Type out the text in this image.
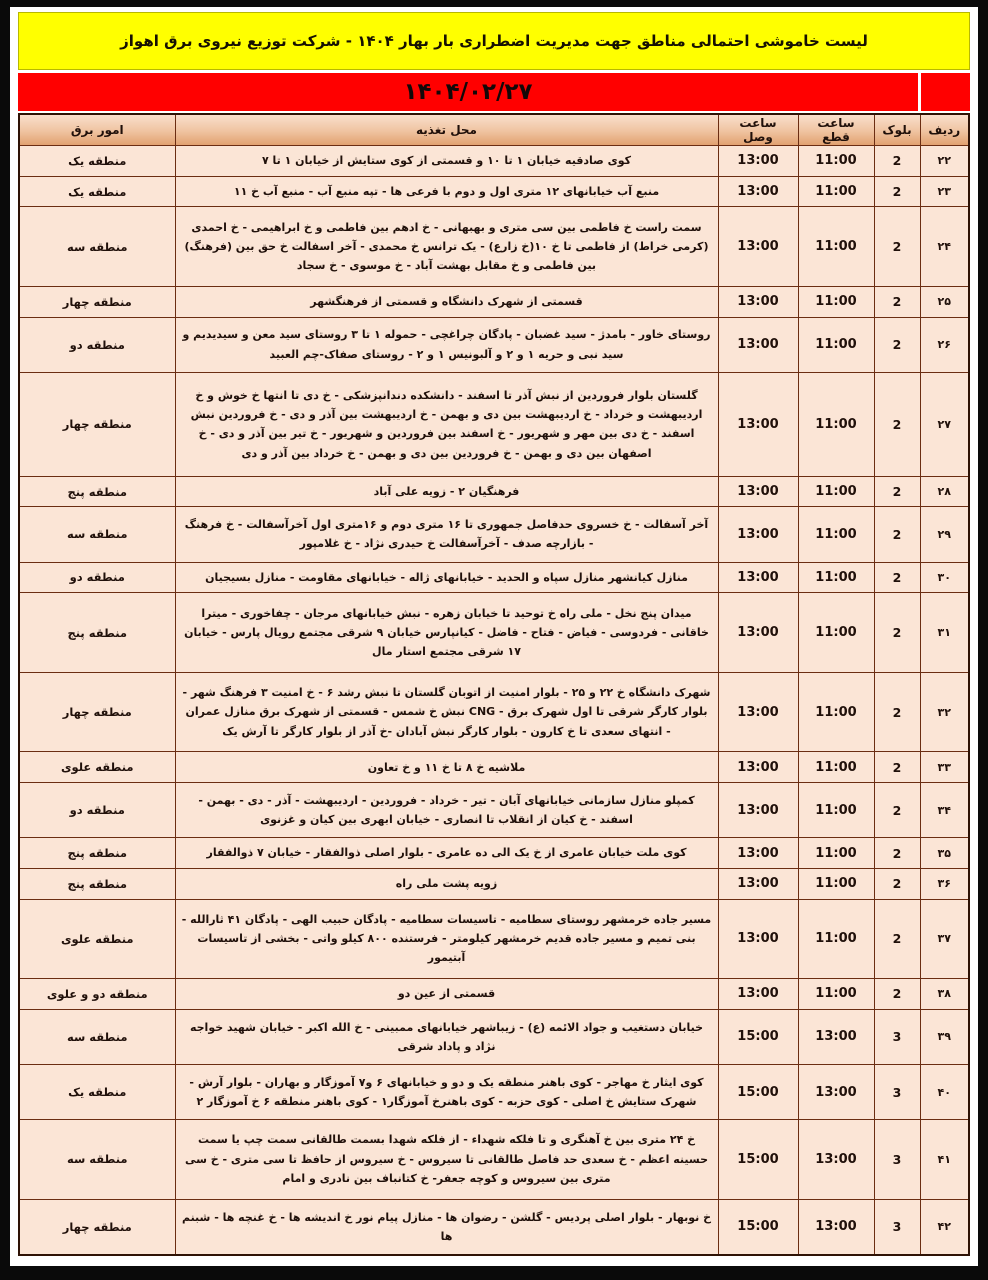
لیست خاموشی احتمالی مناطق جهت مدیریت اضطراری بار بهار ۱۴۰۴ - شرکت توزیع نیروی برق اهواز
۱۴۰۴/۰۲/۲۷
ردیف	بلوک	ساعت قطع	ساعت وصل	محل تغذیه	امور برق
۲۲	2	11:00	13:00	کوی صادقیه خیابان ۱ تا ۱۰ و قسمتی از کوی ستایش از خیابان ۱ تا ۷	منطقه یک
۲۳	2	11:00	13:00	منبع آب خیابانهای ۱۲ متری اول و دوم با فرعی ها - تپه منبع آب - منبع آب خ ۱۱	منطقه یک
۲۴	2	11:00	13:00	سمت راست خ فاطمی بین سی متری و بهبهانی - خ ادهم بین فاطمی و خ ابراهیمی - خ احمدی (کرمی خراط) از فاطمی تا خ ۱۰(خ زارع) - یک ترانس خ محمدی - آخر اسفالت خ حق بین (فرهنگ) بین فاطمی و خ مقابل بهشت آباد - خ موسوی - خ سجاد	منطقه سه
۲۵	2	11:00	13:00	قسمتی از شهرک دانشگاه و قسمتی از فرهنگشهر	منطقه چهار
۲۶	2	11:00	13:00	روستای خاور - بامدژ - سید غضبان - پادگان چراغچی - حموله ۱ تا ۳ روستای سید معن و سیدیدیم و سید نبی و حریه ۱ و ۲ و آلبونیس ۱ و ۲ - روستای صفاک-چم العبید	منطقه دو
۲۷	2	11:00	13:00	گلستان بلوار فروردین از نبش آذر تا اسفند - دانشکده دندانپزشکی - خ دی تا انتها خ خوش و خ اردیبهشت و خرداد - خ اردیبهشت بین دی و بهمن - خ اردیبهشت بین آذر و دی - خ فروردین نبش اسفند - خ دی بین مهر و شهریور - خ اسفند بین فروردین و شهریور - خ تیر بین آذر و دی - خ اصفهان بین دی و بهمن - خ فروردین بین دی و بهمن - خ خرداد بین آذر و دی	منطقه چهار
۲۸	2	11:00	13:00	فرهنگیان ۲ - زویه علی آباد	منطقه پنج
۲۹	2	11:00	13:00	آخر آسفالت - خ خسروی حدفاصل جمهوری تا ۱۶ متری دوم و ۱۶متری اول آخرآسفالت - خ فرهنگ - بازارچه صدف - آخرآسفالت خ حیدری نژاد - خ غلامپور	منطقه سه
۳۰	2	11:00	13:00	منازل کیانشهر منازل سپاه و الحدید - خیابانهای ژاله - خیابانهای مقاومت - منازل بسیجیان	منطقه دو
۳۱	2	11:00	13:00	میدان پنج نخل - ملی راه خ توحید تا خیابان زهره - نبش خیابانهای مرجان - چفاخوری - میترا خاقانی - فردوسی - فیاض - فتاح - فاضل - کیانپارس خیابان ۹ شرقی مجتمع رویال پارس - خیابان ۱۷ شرقی مجتمع استار مال	منطقه پنج
۳۲	2	11:00	13:00	شهرک دانشگاه خ ۲۲ و ۲۵ - بلوار امنیت از اتوبان گلستان تا نبش رشد ۶ - خ امنیت ۳ فرهنگ شهر - بلوار کارگر شرقی تا اول شهرک برق - CNG نبش خ شمس - قسمتی از شهرک برق منازل عمران - انتهای سعدی تا خ کارون - بلوار کارگر نبش آبادان -خ آذر از بلوار کارگر تا آرش یک	منطقه چهار
۳۳	2	11:00	13:00	ملاشیه خ ۸ تا خ ۱۱ و خ تعاون	منطقه علوی
۳۴	2	11:00	13:00	کمپلو منازل سازمانی خیابانهای آبان - تیر - خرداد - فروردین - اردیبهشت - آذر - دی - بهمن - اسفند - خ کیان از انقلاب تا انصاری - خیابان ابهری بین کیان و غزنوی	منطقه دو
۳۵	2	11:00	13:00	کوی ملت خیابان عامری از خ یک الی ده عامری - بلوار اصلی ذوالفقار - خیابان ۷ ذوالفقار	منطقه پنج
۳۶	2	11:00	13:00	زویه پشت ملی راه	منطقه پنج
۳۷	2	11:00	13:00	مسیر جاده خرمشهر روستای سطامیه - تاسیسات سطامیه - پادگان حبیب الهی - پادگان ۴۱ ثارالله - بنی تمیم و مسیر جاده قدیم خرمشهر کیلومتر - فرستنده ۸۰۰ کیلو واتی - بخشی از تاسیسات آبتیمور	منطقه علوی
۳۸	2	11:00	13:00	قسمتی از عین دو	منطقه دو و علوی
۳۹	3	13:00	15:00	خیابان دستغیب و جواد الائمه (ع) - زیباشهر خیابانهای ممبینی - خ الله اکبر - خیابان شهید خواجه نژاد و پاداد شرقی	منطقه سه
۴۰	3	13:00	15:00	کوی ایثار خ مهاجر - کوی باهنر منطقه یک و دو و خیابانهای ۶ و۷ آموزگار و بهاران - بلوار آرش - شهرک ستایش خ اصلی - کوی حزبه - کوی باهنرخ آموزگار۱ - کوی باهنر منطقه ۶ خ آموزگار ۲	منطقه یک
۴۱	3	13:00	15:00	خ ۲۴ متری بین خ آهنگری و تا فلکه شهداء - از فلکه شهدا بسمت طالقانی سمت چپ یا سمت حسینه اعظم - خ سعدی حد فاصل طالقانی تا سیروس - خ سیروس از حافظ تا سی متری - خ سی متری بین سیروس و کوچه جعفر- خ کتانباف بین نادری و امام	منطقه سه
۴۲	3	13:00	15:00	خ نوبهار - بلوار اصلی پردیس - گلشن - رضوان ها - منازل پیام نور خ اندیشه ها - خ غنچه ها - شبنم ها	منطقه چهار
